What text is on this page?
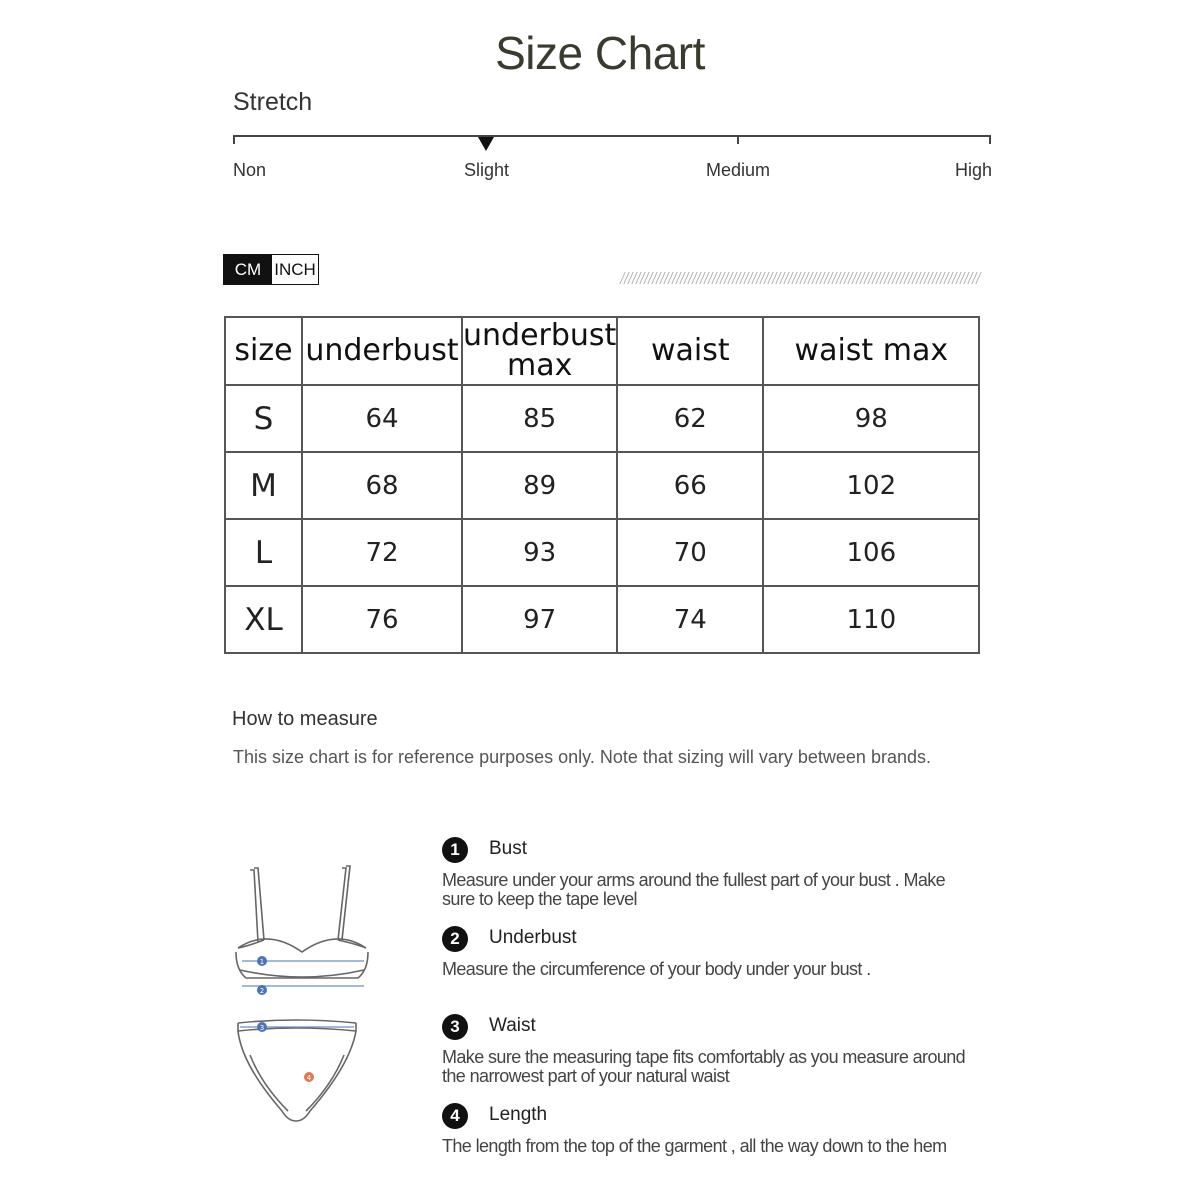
Size Chart
Stretch
Non	Slight	Medium	High
CM INCH
size	underbust	underbust max	waist	waist max
S	64	85	62	98
M	68	89	66	102
L	72	93	70	106
XL	76	97	74	110
How to measure
This size chart is for reference purposes only. Note that sizing will vary between brands.
1
2
3
4
1	Bust
Measure under your arms around the fullest part of your bust . Make sure to keep the tape level
2	Underbust
Measure the circumference of your body under your bust .
3	Waist
Make sure the measuring tape fits comfortably as you measure around the narrowest part of your natural waist
4	Length
The length from the top of the garment , all the way down to the hem
